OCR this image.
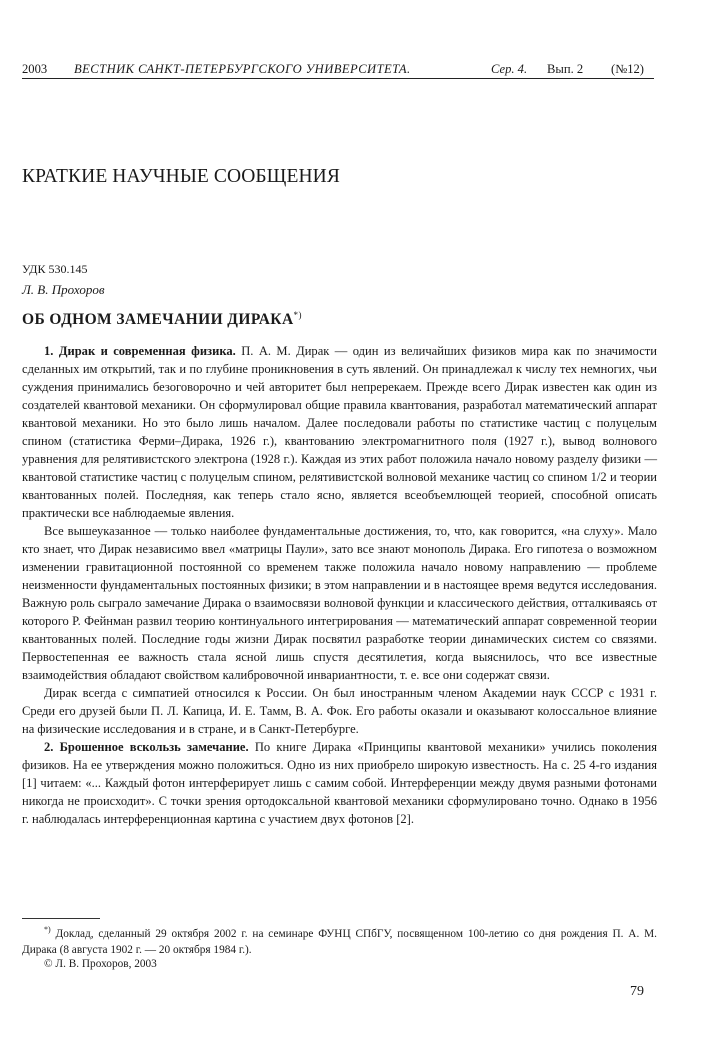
2003 ВЕСТНИК САНКТ-ПЕТЕРБУРГСКОГО УНИВЕРСИТЕТА.	Сер. 4. Вып. 2 (№12)
КРАТКИЕ НАУЧНЫЕ СООБЩЕНИЯ
УДК 530.145
Л. В. Прохоров
ОБ ОДНОМ ЗАМЕЧАНИИ ДИРАКА*)

1. Дирак и современная физика. П. А. М. Дирак — один из величайших физиков мира как по значимости сделанных им открытий, так и по глубине проникновения в суть явлений. Он принадлежал к числу тех немногих, чьи суждения принимались безоговорочно и чей авторитет был непререкаем. Прежде всего Дирак известен как один из создателей квантовой механики. Он сформулировал общие правила квантования, разработал математический аппарат квантовой механики. Но это было лишь началом. Далее последовали работы по статистике частиц с полуцелым спином (статистика Ферми–Дирака, 1926 г.), квантованию электромагнитного поля (1927 г.), вывод волнового уравнения для релятивистского электрона (1928 г.). Каждая из этих работ положила начало новому разделу физики — квантовой статистике частиц с полуцелым спином, релятивистской волновой механике частиц со спином 1/2 и теории квантованных полей. Последняя, как теперь стало ясно, является всеобъемлющей теорией, способной описать практически все наблюдаемые явления.

Все вышеуказанное — только наиболее фундаментальные достижения, то, что, как говорится, «на слуху». Мало кто знает, что Дирак независимо ввел «матрицы Паули», зато все знают монополь Дирака. Его гипотеза о возможном изменении гравитационной постоянной со временем также положила начало новому направлению — проблеме неизменности фундаментальных постоянных физики; в этом направлении и в настоящее время ведутся исследования. Важную роль сыграло замечание Дирака о взаимосвязи волновой функции и классического действия, отталкиваясь от которого Р. Фейнман развил теорию континуального интегрирования — математический аппарат современной теории квантованных полей. Последние годы жизни Дирак посвятил разработке теории динамических систем со связями. Первостепенная ее важность стала ясной лишь спустя десятилетия, когда выяснилось, что все известные взаимодействия обладают свойством калибровочной инвариантности, т. е. все они содержат связи.

Дирак всегда с симпатией относился к России. Он был иностранным членом Академии наук СССР с 1931 г. Среди его друзей были П. Л. Капица, И. Е. Тамм, В. А. Фок. Его работы оказали и оказывают колоссальное влияние на физические исследования и в стране, и в Санкт-Петербурге.

2. Брошенное вскользь замечание. По книге Дирака «Принципы квантовой механики» учились поколения физиков. На ее утверждения можно положиться. Одно из них приобрело широкую известность. На с. 25 4-го издания [1] читаем: «... Каждый фотон интерферирует лишь с самим собой. Интерференции между двумя разными фотонами никогда не происходит». С точки зрения ортодоксальной квантовой механики сформулировано точно. Однако в 1956 г. наблюдалась интерференционная картина с участием двух фотонов [2].

*) Доклад, сделанный 29 октября 2002 г. на семинаре ФУНЦ СПбГУ, посвященном 100-летию со дня рождения П. А. М. Дирака (8 августа 1902 г. — 20 октября 1984 г.).

© Л. В. Прохоров, 2003
79
